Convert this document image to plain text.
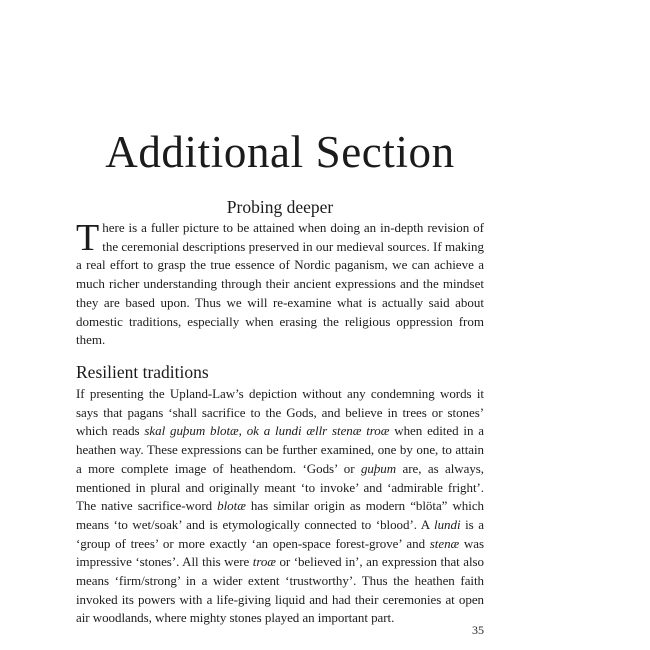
Additional Section
Probing deeper

There is a fuller picture to be attained when doing an in-depth revision of the ceremonial descriptions preserved in our medieval sources. If making a real effort to grasp the true essence of Nordic paganism, we can achieve a much richer understanding through their ancient expressions and the mindset they are based upon. Thus we will re-examine what is actually said about domestic traditions, especially when erasing the religious oppression from them.

Resilient traditions

If presenting the Upland-Law’s depiction without any condemning words it says that pagans ‘shall sacrifice to the Gods, and believe in trees or stones’ which reads skal guþum blotæ, ok a lundi ællr stenæ troæ when edited in a heathen way. These expressions can be further examined, one by one, to attain a more complete image of heathendom. ‘Gods’ or guþum are, as always, mentioned in plural and originally meant ‘to invoke’ and ‘admirable fright’. The native sacrifice-word blotæ has similar origin as modern “blöta” which means ‘to wet/soak’ and is etymologically connected to ‘blood’. A lundi is a ‘group of trees’ or more exactly ‘an open-space forest-grove’ and stenæ was impressive ‘stones’. All this were troæ or ‘believed in’, an expression that also means ‘firm/strong’ in a wider extent ‘trustworthy’. Thus the heathen faith invoked its powers with a life-giving liquid and had their ceremonies at open air woodlands, where mighty stones played an important part.

35
